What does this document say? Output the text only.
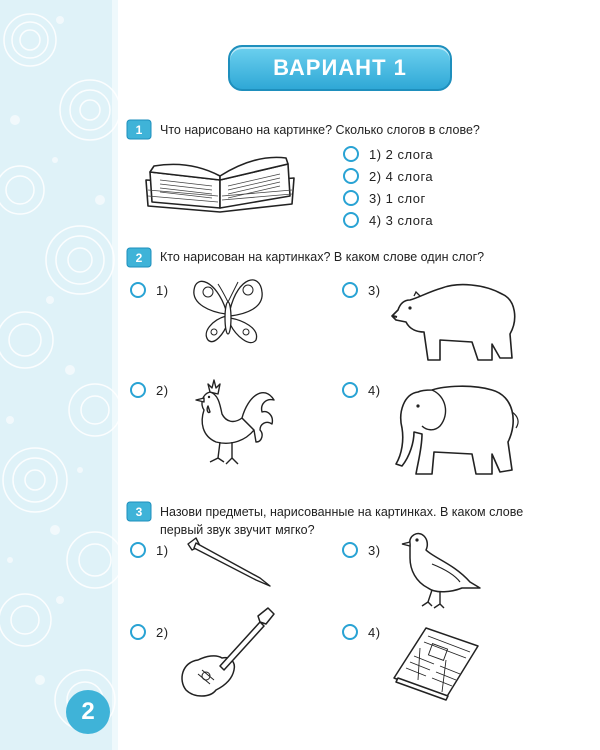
2
ВАРИАНТ 1
1 Что нарисовано на картинке? Сколько слогов в слове?
1) 2 слога
2) 4 слога
3) 1 слог
4) 3 слога
2 Кто нарисован на картинках? В каком слове один слог?
1)	3)
2)	4)
3 Назови предметы, нарисованные на картинках. В каком слове
первый звук звучит мягко?
1)	3)
2)	4)
